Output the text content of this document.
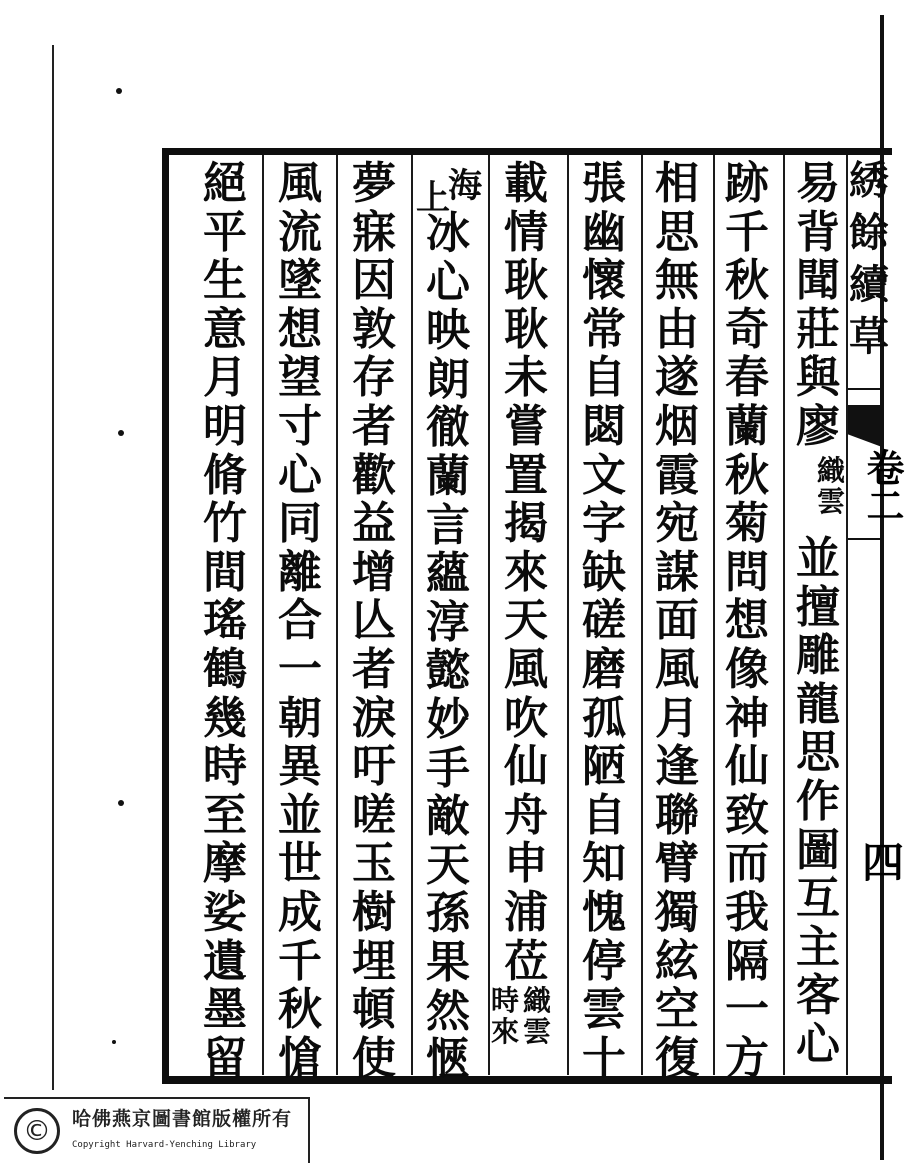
綉
餘
續
草
卷二
四
易
背
聞
莊
與
廖
織
雲
並
擅
雕
龍
思
作
圖
互
主
客
心
跡
千
秋
奇
春
蘭
秋
菊
問
想
像
神
仙
致
而
我
隔
一
方
相
思
無
由
遂
烟
霞
宛
謀
面
風
月
逢
聯
臂
獨
絃
空
復
張
幽
懷
常
自
閟
文
字
缺
磋
磨
孤
陋
自
知
愧
停
雲
十
載
情
耿
耿
未
嘗
置
揭
來
天
風
吹
仙
舟
申
浦
莅
織
雲
時
來
海
上
冰
心
映
朗
徹
蘭
言
蘊
淳
懿
妙
手
敵
天
孫
果
然
愜
夢
寐
因
敦
存
者
歡
益
增
亾
者
淚
吁
嗟
玉
樹
埋
頓
使
風
流
墜
想
望
寸
心
同
離
合
一
朝
異
並
世
成
千
秋
愴
絕
平
生
意
月
明
脩
竹
間
瑤
鶴
幾
時
至
摩
娑
遺
墨
留
©	哈佛燕京圖書館版權所有
Copyright Harvard-Yenching Library
